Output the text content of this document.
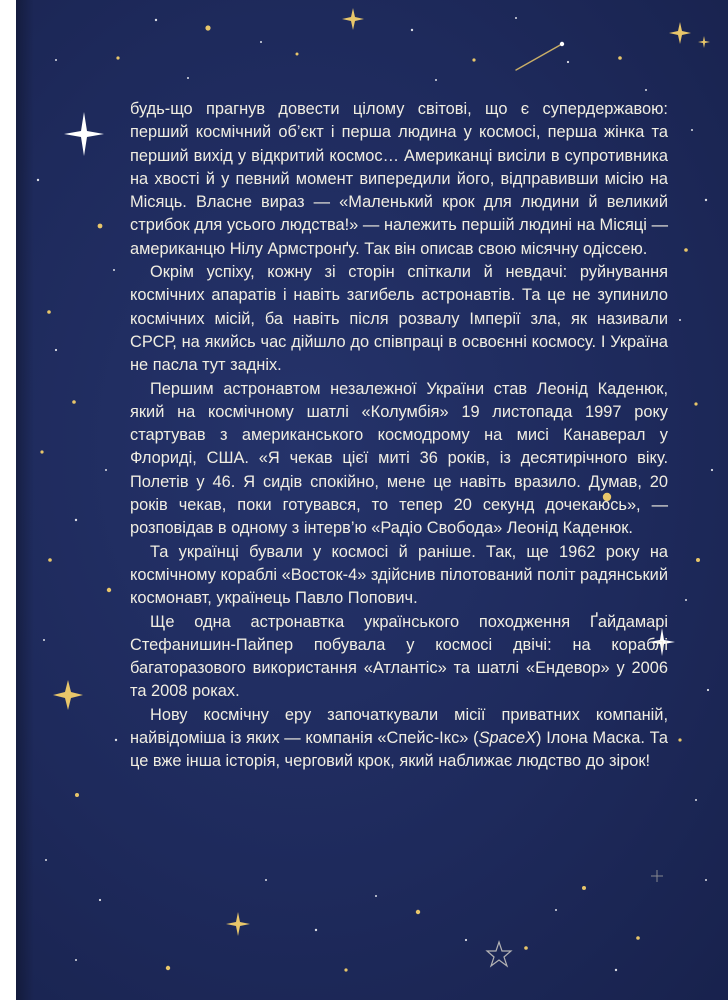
будь-що прагнув довести цілому світові, що є супердержавою: перший космічний об’єкт і перша людина у космосі, перша жінка та перший вихід у відкритий космос… Американці висіли в супротивника на хвості й у певний момент випередили його, відправивши місію на Місяць. Власне вираз — «Маленький крок для людини й великий стрибок для усього людства!» — належить першій людині на Місяці — американцю Нілу Армстронґу. Так він описав свою місячну одіссею.

Окрім успіху, кожну зі сторін спіткали й невдачі: руйнування космічних апаратів і навіть загибель астронавтів. Та це не зупинило космічних місій, ба навіть після розвалу Імперії зла, як називали СРСР, на якийсь час дійшло до співпраці в освоєнні космосу. І Україна не пасла тут задніх.

Першим астронавтом незалежної України став Леонід Каденюк, який на космічному шатлі «Колумбія» 19 листопада 1997 року стартував з американського космодрому на мисі Канаверал у Флориді, США. «Я чекав цієї миті 36 років, із десятирічного віку. Полетів у 46. Я сидів спокійно, мене це навіть вразило. Думав, 20 років чекав, поки готувався, то тепер 20 секунд дочекаюсь», — розповідав в одному з інтерв’ю «Радіо Свобода» Леонід Каденюк.

Та українці бували у космосі й раніше. Так, ще 1962 року на космічному кораблі «Восток-4» здійснив пілотований політ радянський космонавт, українець Павло Попович.

Ще одна астронавтка українського походження Ґайдамарі Стефанишин-Пайпер побувала у космосі двічі: на кораблі багаторазового використання «Атлантіс» та шатлі «Ендевор» у 2006 та 2008 роках.

Нову космічну еру започаткували місії приватних компаній, найвідоміша із яких — компанія «Спейс-Ікс» (SpaceX) Ілона Маска. Та це вже інша історія, черговий крок, який наближає людство до зірок!
